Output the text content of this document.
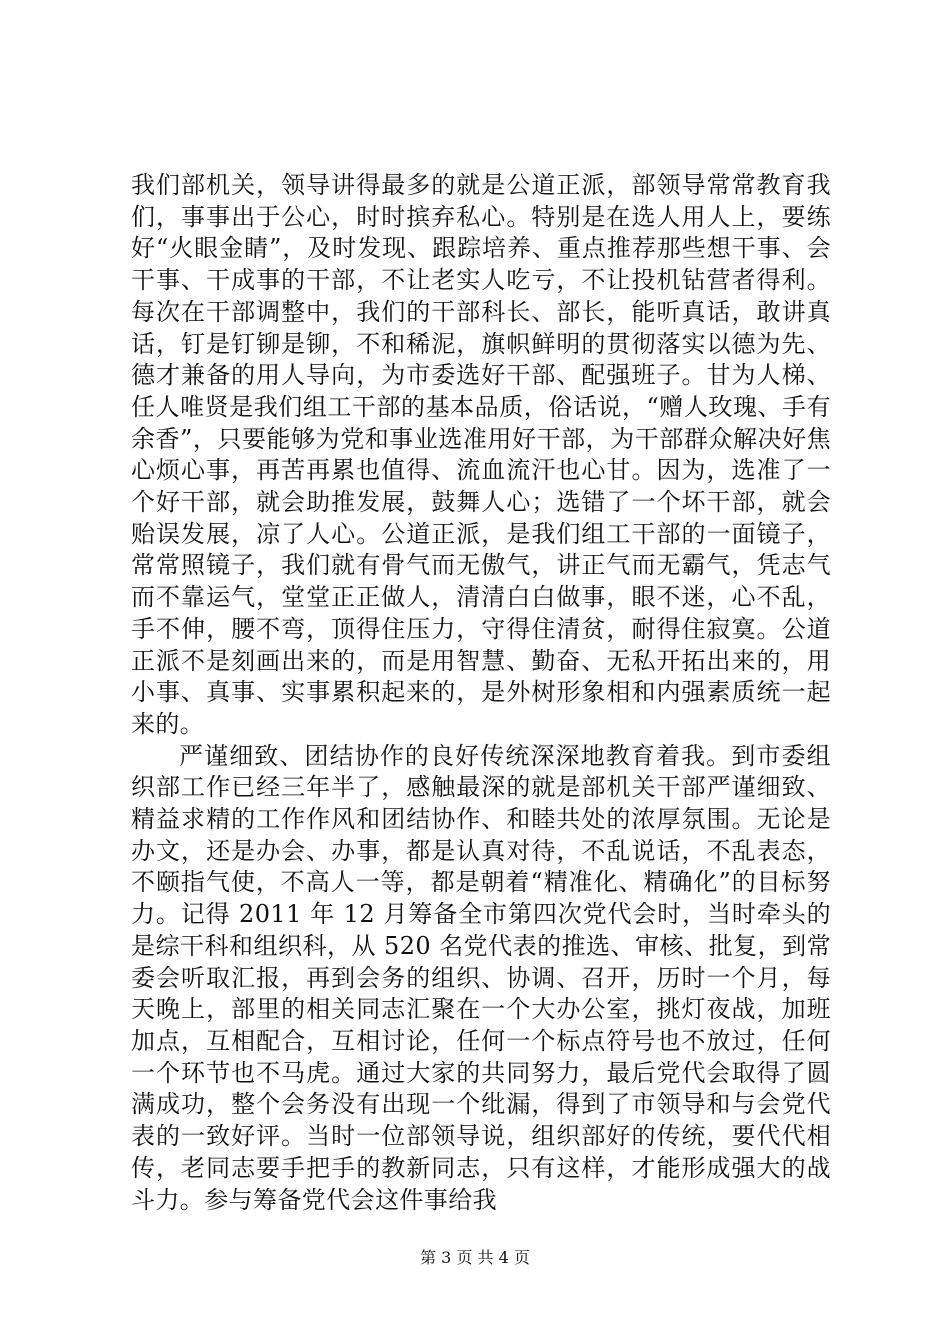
我们部机关，领导讲得最多的就是公道正派，部领导常常教育我们，事事出于公心，时时摈弃私心。特别是在选人用人上，要练好“火眼金睛”，及时发现、跟踪培养、重点推荐那些想干事、会干事、干成事的干部，不让老实人吃亏，不让投机钻营者得利。每次在干部调整中，我们的干部科长、部长，能听真话，敢讲真话，钉是钉铆是铆，不和稀泥，旗帜鲜明的贯彻落实以德为先、德才兼备的用人导向，为市委选好干部、配强班子。甘为人梯、任人唯贤是我们组工干部的基本品质，俗话说，“赠人玫瑰、手有余香”，只要能够为党和事业选准用好干部，为干部群众解决好焦心烦心事，再苦再累也值得、流血流汗也心甘。因为，选准了一个好干部，就会助推发展，鼓舞人心；选错了一个坏干部，就会贻误发展，凉了人心。公道正派，是我们组工干部的一面镜子，常常照镜子，我们就有骨气而无傲气，讲正气而无霸气，凭志气而不靠运气，堂堂正正做人，清清白白做事，眼不迷，心不乱，手不伸，腰不弯，顶得住压力，守得住清贫，耐得住寂寞。公道正派不是刻画出来的，而是用智慧、勤奋、无私开拓出来的，用小事、真事、实事累积起来的，是外树形象相和内强素质统一起来的。

严谨细致、团结协作的良好传统深深地教育着我。到市委组织部工作已经三年半了，感触最深的就是部机关干部严谨细致、精益求精的工作作风和团结协作、和睦共处的浓厚氛围。无论是办文，还是办会、办事，都是认真对待，不乱说话，不乱表态，不颐指气使，不高人一等，都是朝着“精准化、精确化”的目标努力。记得 2011 年 12 月筹备全市第四次党代会时，当时牵头的是综干科和组织科，从 520 名党代表的推选、审核、批复，到常委会听取汇报，再到会务的组织、协调、召开，历时一个月，每天晚上，部里的相关同志汇聚在一个大办公室，挑灯夜战，加班加点，互相配合，互相讨论，任何一个标点符号也不放过，任何一个环节也不马虎。通过大家的共同努力，最后党代会取得了圆满成功，整个会务没有出现一个纰漏，得到了市领导和与会党代表的一致好评。当时一位部领导说，组织部好的传统，要代代相传，老同志要手把手的教新同志，只有这样，才能形成强大的战斗力。参与筹备党代会这件事给我

第 3 页 共 4 页
